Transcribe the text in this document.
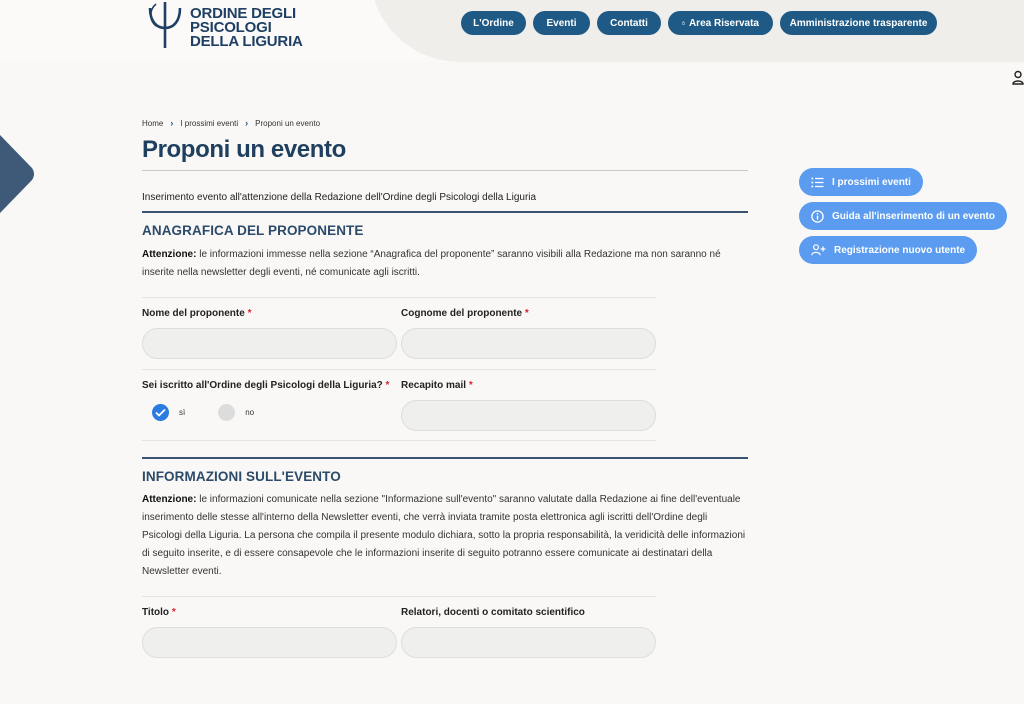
ORDINE DEGLI PSICOLOGI
DELLA LIGURIA
L'Ordine	Eventi	Contatti	Area Riservata	Amministrazione trasparente
Home › I prossimi eventi › Proponi un evento
Proponi un evento

Inserimento evento all'attenzione della Redazione dell'Ordine degli Psicologi della Liguria

ANAGRAFICA DEL PROPONENTE

Attenzione: le informazioni immesse nella sezione “Anagrafica del proponente” saranno visibili alla Redazione ma non saranno né inserite nella newsletter degli eventi, né comunicate agli iscritti.

Nome del proponente *	Cognome del proponente *
Sei iscritto all'Ordine degli Psicologi della Liguria? *
sì	no
Recapito mail *
INFORMAZIONI SULL'EVENTO

Attenzione: le informazioni comunicate nella sezione "Informazione sull'evento" saranno valutate dalla Redazione ai fine dell'eventuale inserimento delle stesse all'interno della Newsletter eventi, che verrà inviata tramite posta elettronica agli iscritti dell'Ordine degli Psicologi della Liguria. La persona che compila il presente modulo dichiara, sotto la propria responsabilità, la veridicità delle informazioni di seguito inserite, e di essere consapevole che le informazioni inserite di seguito potranno essere comunicate ai destinatari della Newsletter eventi.

Titolo *	Relatori, docenti o comitato scientifico
I prossimi eventi
Guida all'inserimento di un evento
Registrazione nuovo utente
